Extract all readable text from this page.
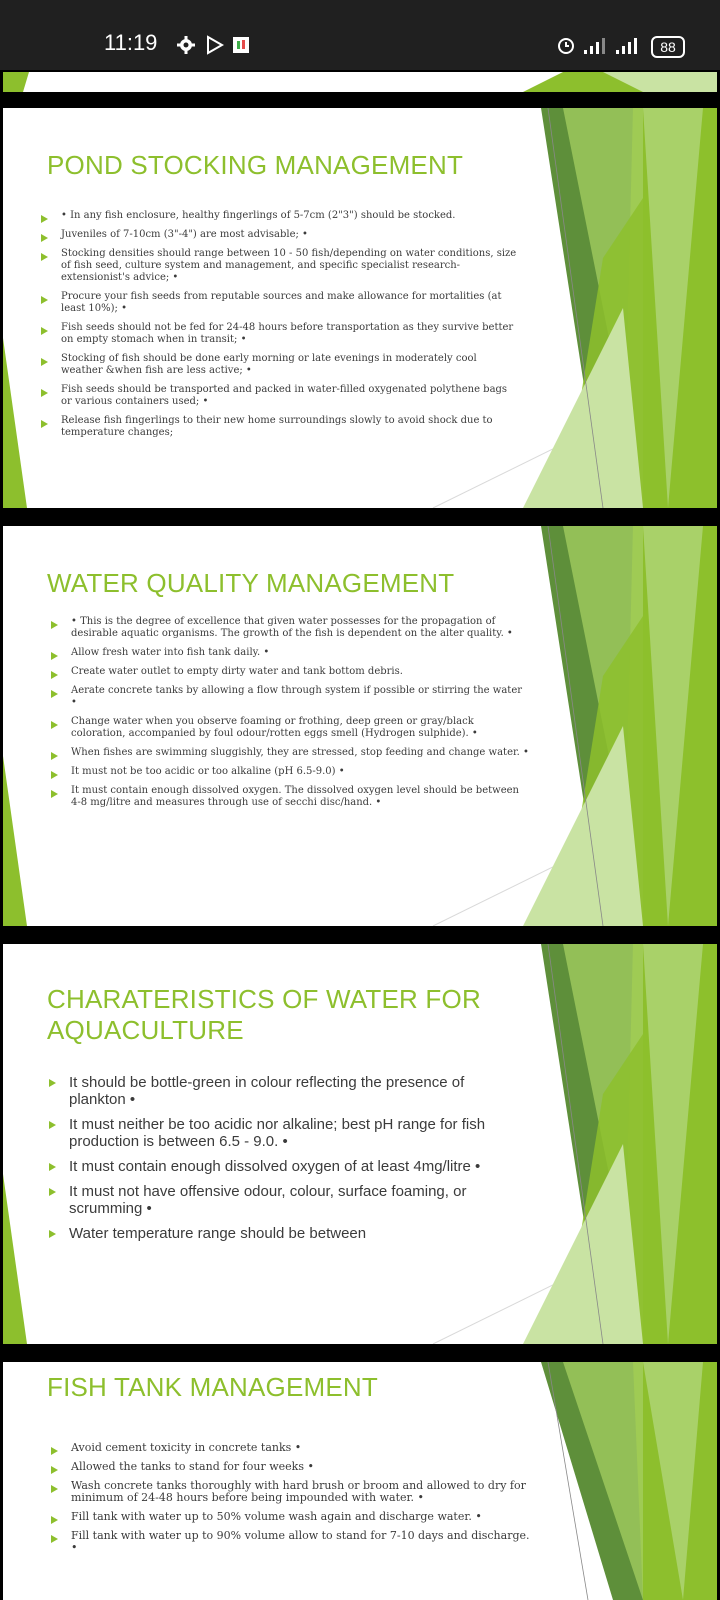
11:19	88
POND STOCKING MANAGEMENT
• In any fish enclosure, healthy fingerlings of 5-7cm (2"3") should be stocked.
Juveniles of 7-10cm (3"-4") are most advisable; •
Stocking densities should range between 10 - 50 fish/depending on water conditions, size of fish seed, culture system and management, and specific specialist research-extensionist's advice; •
Procure your fish seeds from reputable sources and make allowance for mortalities (at least 10%); •
Fish seeds should not be fed for 24-48 hours before transportation as they survive better on empty stomach when in transit; •
Stocking of fish should be done early morning or late evenings in moderately cool weather &when fish are less active; •
Fish seeds should be transported and packed in water-filled oxygenated polythene bags or various containers used; •
Release fish fingerlings to their new home surroundings slowly to avoid shock due to temperature changes;
WATER QUALITY MANAGEMENT
• This is the degree of excellence that given water possesses for the propagation of desirable aquatic organisms. The growth of the fish is dependent on the alter quality. •
Allow fresh water into fish tank daily. •
Create water outlet to empty dirty water and tank bottom debris.
Aerate concrete tanks by allowing a flow through system if possible or stirring the water •
Change water when you observe foaming or frothing, deep green or gray/black coloration, accompanied by foul odour/rotten eggs smell (Hydrogen sulphide). •
When fishes are swimming sluggishly, they are stressed, stop feeding and change water. •
It must not be too acidic or too alkaline (pH 6.5-9.0) •
It must contain enough dissolved oxygen. The dissolved oxygen level should be between 4-8 mg/litre and measures through use of secchi disc/hand. •
CHARATERISTICS OF WATER FOR
AQUACULTURE
It should be bottle-green in colour reflecting the presence of plankton •
It must neither be too acidic nor alkaline; best pH range for fish production is between 6.5 - 9.0. •
It must contain enough dissolved oxygen of at least 4mg/litre •
It must not have offensive odour, colour, surface foaming, or scrumming •
Water temperature range should be between
FISH TANK MANAGEMENT
Avoid cement toxicity in concrete tanks •
Allowed the tanks to stand for four weeks •
Wash concrete tanks thoroughly with hard brush or broom and allowed to dry for minimum of 24-48 hours before being impounded with water. •
Fill tank with water up to 50% volume wash again and discharge water. •
Fill tank with water up to 90% volume allow to stand for 7-10 days and discharge. •
